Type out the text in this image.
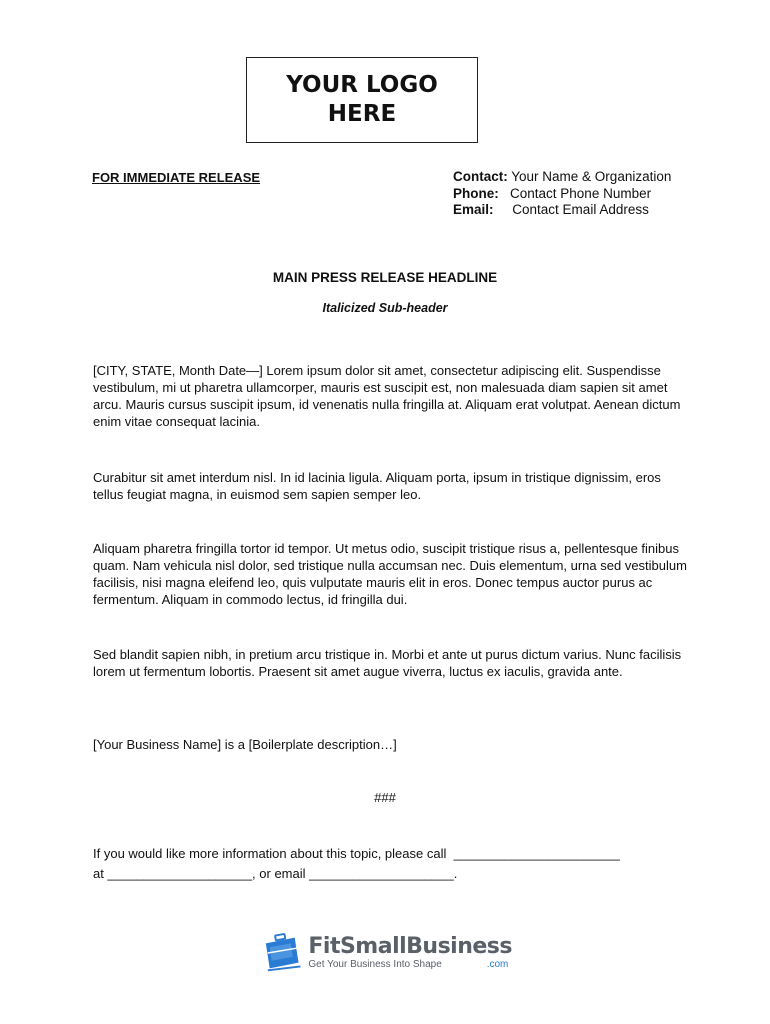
YOUR LOGO
HERE
FOR IMMEDIATE RELEASE	Contact: Your Name & Organization
Phone: Contact Phone Number
Email: Contact Email Address
MAIN PRESS RELEASE HEADLINE
Italicized Sub-header

[CITY, STATE, Month Date—] Lorem ipsum dolor sit amet, consectetur adipiscing elit. Suspendisse vestibulum, mi ut pharetra ullamcorper, mauris est suscipit est, non malesuada diam sapien sit amet arcu. Mauris cursus suscipit ipsum, id venenatis nulla fringilla at. Aliquam erat volutpat. Aenean dictum enim vitae consequat lacinia.

Curabitur sit amet interdum nisl. In id lacinia ligula. Aliquam porta, ipsum in tristique dignissim, eros tellus feugiat magna, in euismod sem sapien semper leo.

Aliquam pharetra fringilla tortor id tempor. Ut metus odio, suscipit tristique risus a, pellentesque finibus quam. Nam vehicula nisl dolor, sed tristique nulla accumsan nec. Duis elementum, urna sed vestibulum facilisis, nisi magna eleifend leo, quis vulputate mauris elit in eros. Donec tempus auctor purus ac fermentum. Aliquam in commodo lectus, id fringilla dui.

Sed blandit sapien nibh, in pretium arcu tristique in. Morbi et ante ut purus dictum varius. Nunc facilisis lorem ut fermentum lobortis. Praesent sit amet augue viverra, luctus ex iaculis, gravida ante.

[Your Business Name] is a [Boilerplate description…]

###

If you would like more information about this topic, please call  _______________________

at ____________________, or email ____________________.

FitSmallBusiness
Get Your Business Into Shape	.com
